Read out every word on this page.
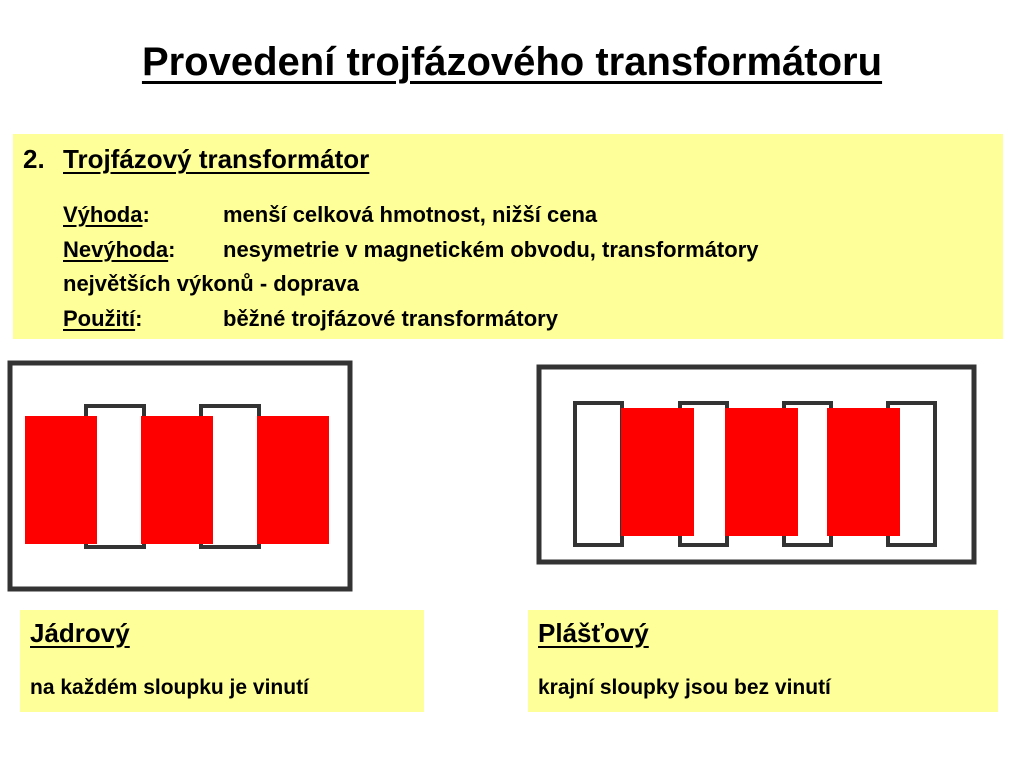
Provedení trojfázového transformátoru
2. Trojfázový transformátor
Výhoda:	menší celková hmotnost, nižší cena
Nevýhoda: nesymetrie v magnetickém obvodu, transformátory
největších výkonů - doprava
Použití:	běžné trojfázové transformátory
Jádrový
na každém sloupku je vinutí
Plášťový
krajní sloupky jsou bez vinutí
